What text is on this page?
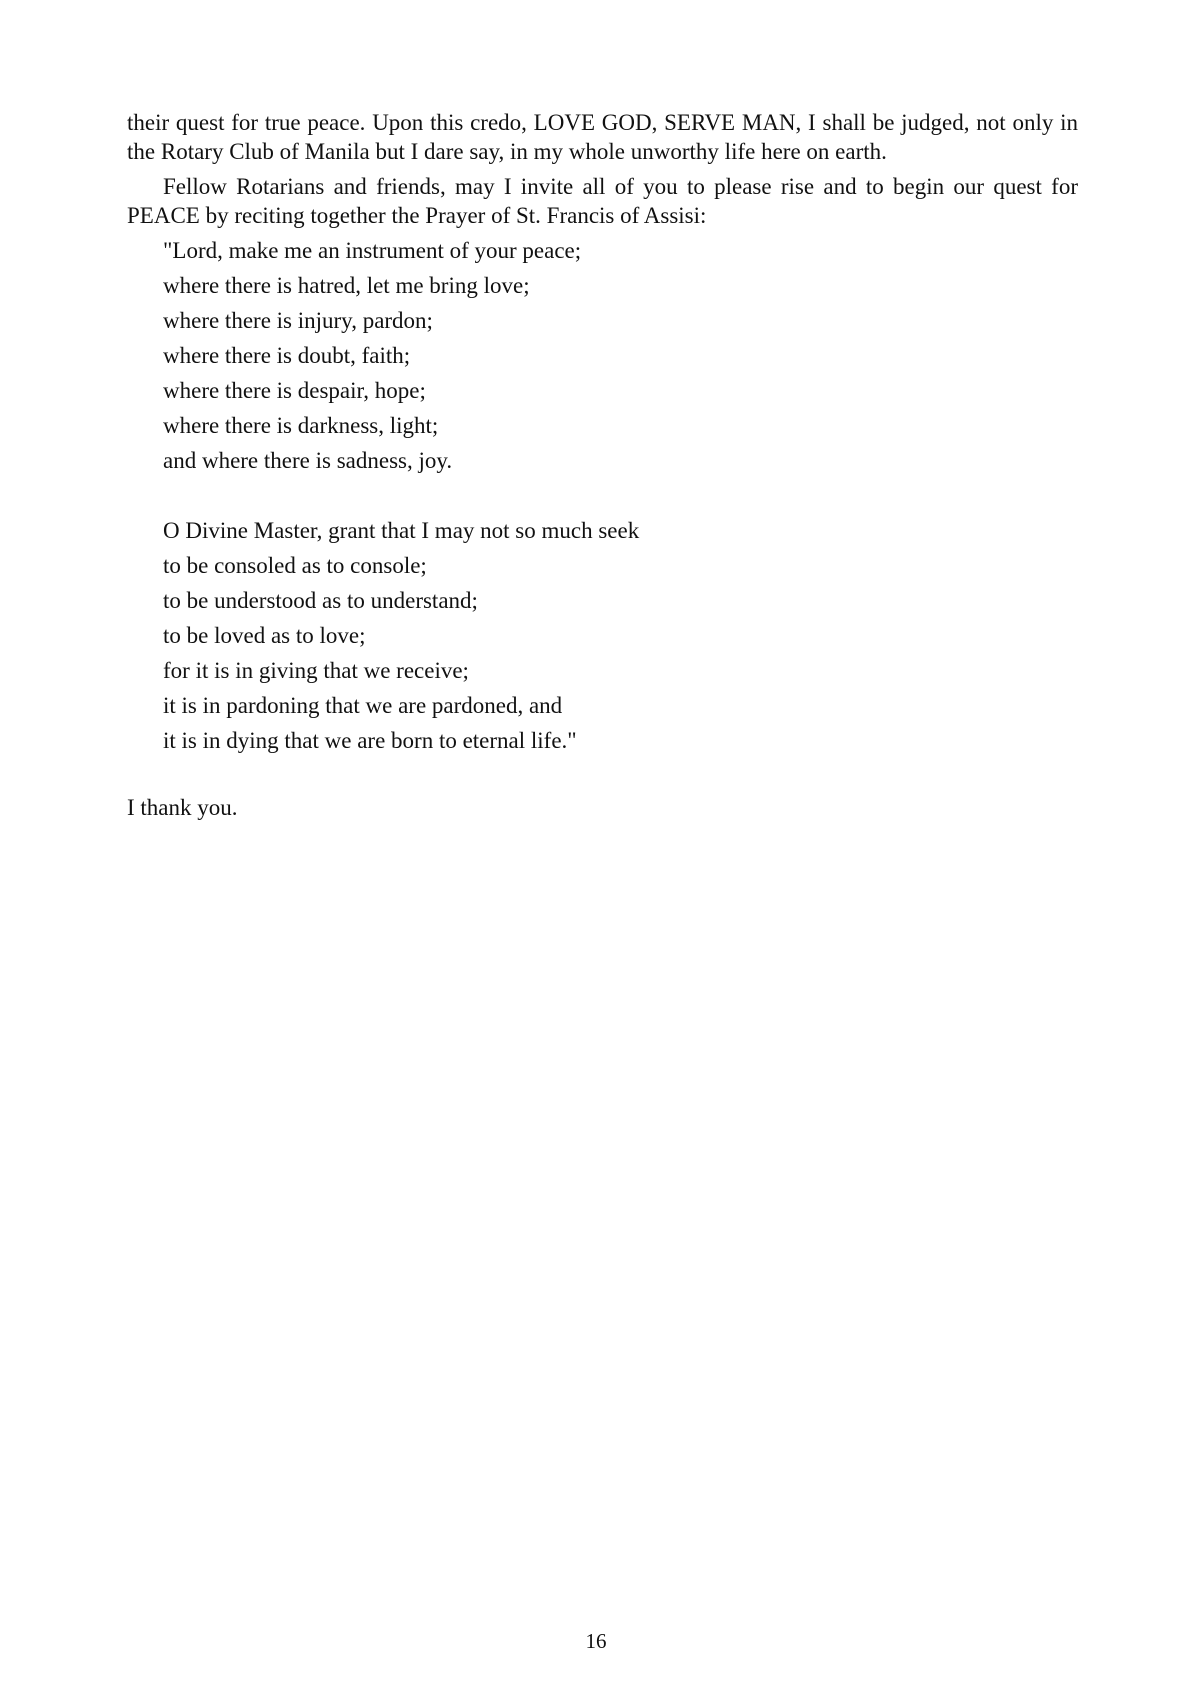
their quest for true peace. Upon this credo, LOVE GOD, SERVE MAN, I shall be judged, not only in the Rotary Club of Manila but I dare say, in my whole unworthy life here on earth.

Fellow Rotarians and friends, may I invite all of you to please rise and to begin our quest for PEACE by reciting together the Prayer of St. Francis of Assisi:

"Lord, make me an instrument of your peace;

where there is hatred, let me bring love;

where there is injury, pardon;

where there is doubt, faith;

where there is despair, hope;

where there is darkness, light;

and where there is sadness, joy.

O Divine Master, grant that I may not so much seek

to be consoled as to console;

to be understood as to understand;

to be loved as to love;

for it is in giving that we receive;

it is in pardoning that we are pardoned, and

it is in dying that we are born to eternal life."

I thank you.

16
